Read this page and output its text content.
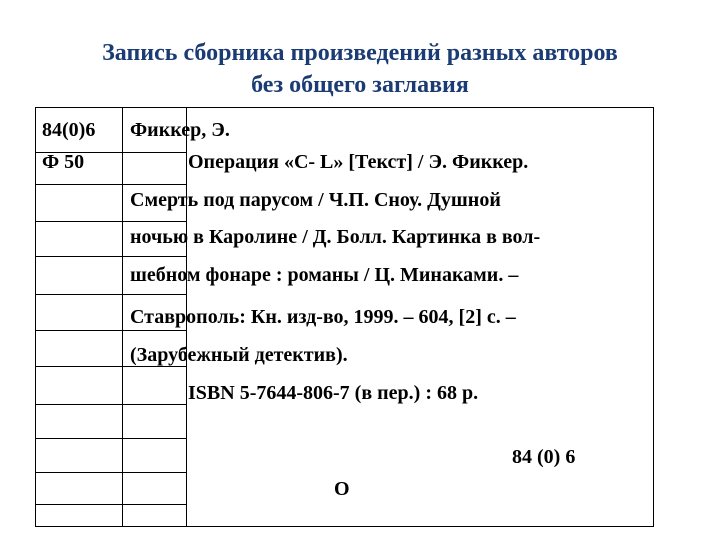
Запись сборника произведений разных авторов
без общего заглавия
84(0)6
Ф 50
Фиккер, Э.
Операция «С- L» [Текст] / Э. Фиккер.
Смерть под парусом / Ч.П. Сноу. Душной
ночью в Каролине / Д. Болл. Картинка в вол-
шебном фонаре : романы / Ц. Минаками. –
Ставрополь: Кн. изд-во, 1999. – 604, [2] с. –
(Зарубежный детектив).
ISBN 5-7644-806-7 (в пер.) : 68 р.
84 (0) 6
О
